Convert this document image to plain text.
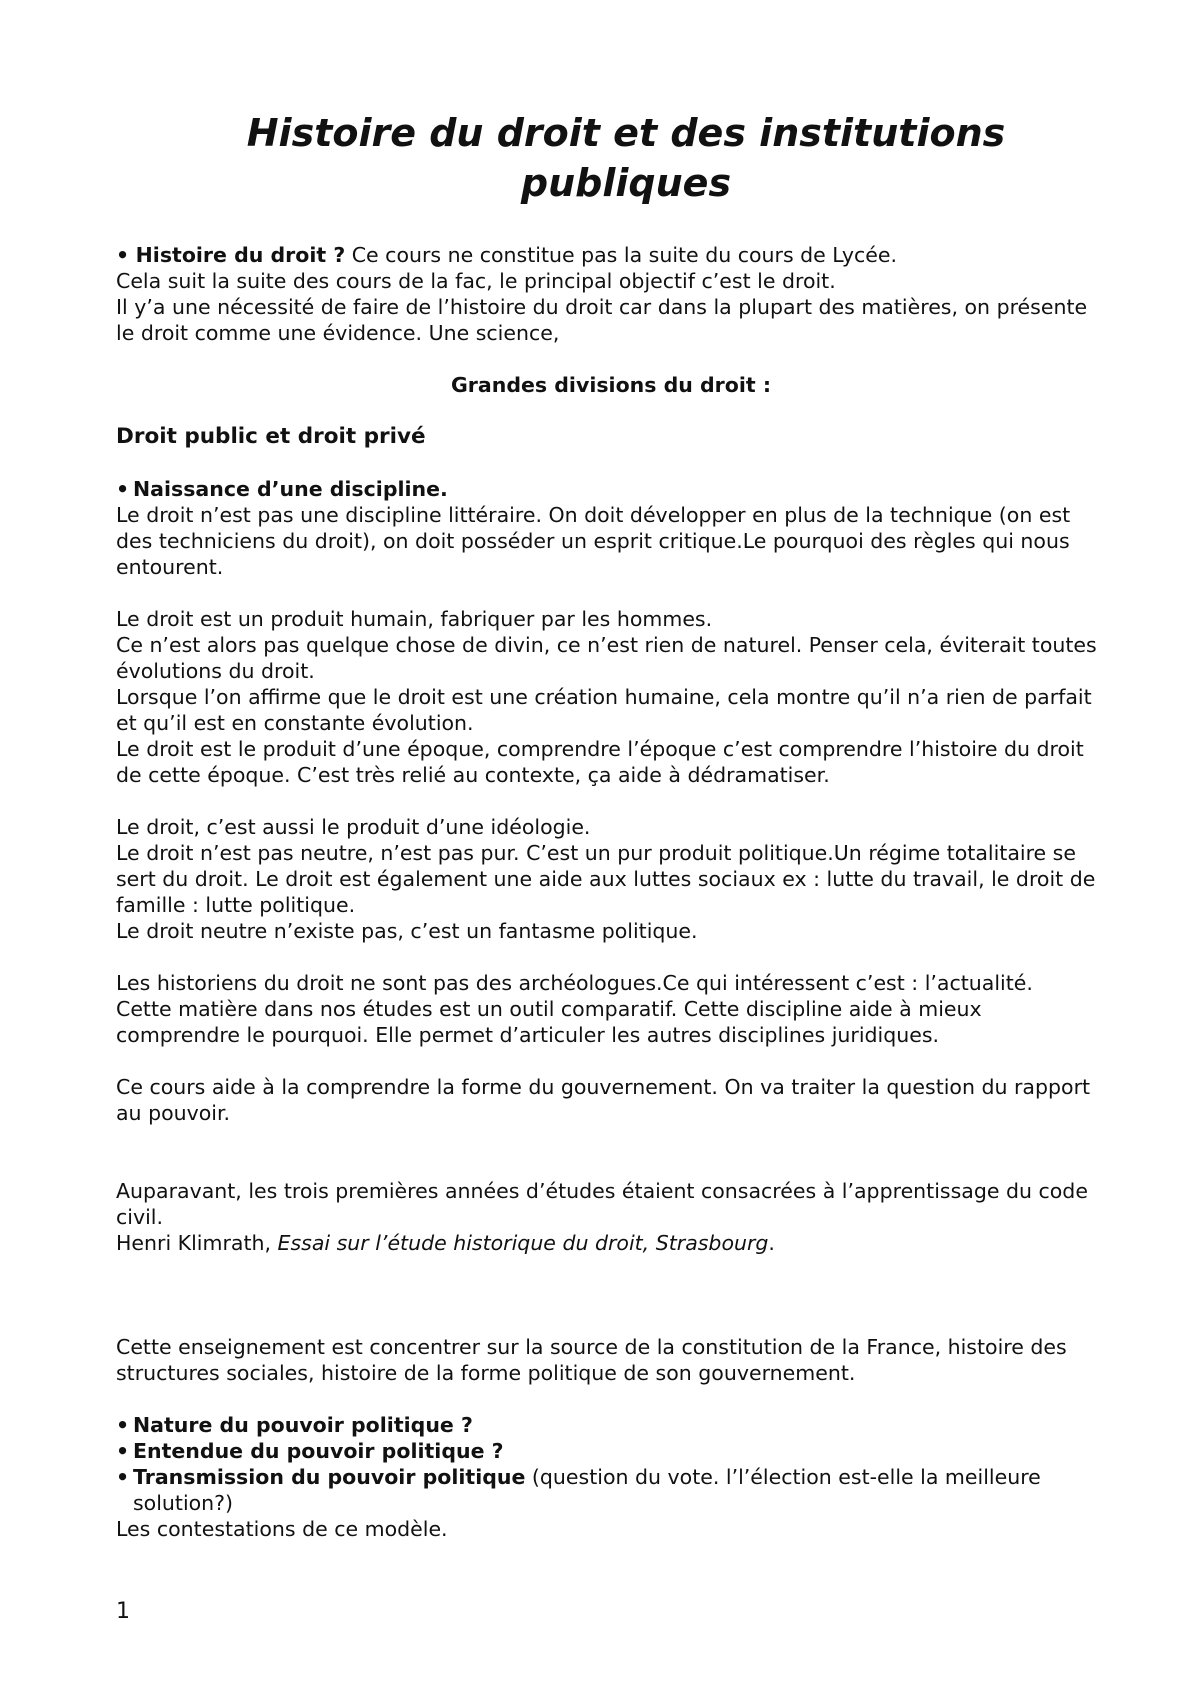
Histoire du droit et des institutions publiques

• Histoire du droit ? Ce cours ne constitue pas la suite du cours de Lycée.
Cela suit la suite des cours de la fac, le principal objectif c’est le droit.
Il y’a une nécessité de faire de l’histoire du droit car dans la plupart des matières, on présente le droit comme une évidence. Une science,

Grandes divisions du droit :

Droit public et droit privé

• Naissance d’une discipline.

Le droit n’est pas une discipline littéraire. On doit développer en plus de la technique (on est des techniciens du droit), on doit posséder un esprit critique.Le pourquoi des règles qui nous entourent.

Le droit est un produit humain, fabriquer par les hommes.

Ce n’est alors pas quelque chose de divin, ce n’est rien de naturel. Penser cela, éviterait toutes évolutions du droit.

Lorsque l’on affirme que le droit est une création humaine, cela montre qu’il n’a rien de parfait et qu’il est en constante évolution.

Le droit est le produit d’une époque, comprendre l’époque c’est comprendre l’histoire du droit de cette époque. C’est très relié au contexte, ça aide à dédramatiser.

Le droit, c’est aussi le produit d’une idéologie.

Le droit n’est pas neutre, n’est pas pur. C’est un pur produit politique.Un régime totalitaire se sert du droit. Le droit est également une aide aux luttes sociaux ex : lutte du travail, le droit de famille : lutte politique.

Le droit neutre n’existe pas, c’est un fantasme politique.

Les historiens du droit ne sont pas des archéologues.Ce qui intéressent c’est : l’actualité.

Cette matière dans nos études est un outil comparatif. Cette discipline aide à mieux comprendre le pourquoi. Elle permet d’articuler les autres disciplines juridiques.

Ce cours aide à la comprendre la forme du gouvernement. On va traiter la question du rapport au pouvoir.

Auparavant, les trois premières années d’études étaient consacrées à l’apprentissage du code civil.
Henri Klimrath, Essai sur l’étude historique du droit, Strasbourg.

Cette enseignement est concentrer sur la source de la constitution de la France, histoire des structures sociales, histoire de la forme politique de son gouvernement.

• Nature du pouvoir politique ?
• Entendue du pouvoir politique ?
• Transmission du pouvoir politique (question du vote. l’l’élection est-elle la meilleure solution?)

Les contestations de ce modèle.

1
